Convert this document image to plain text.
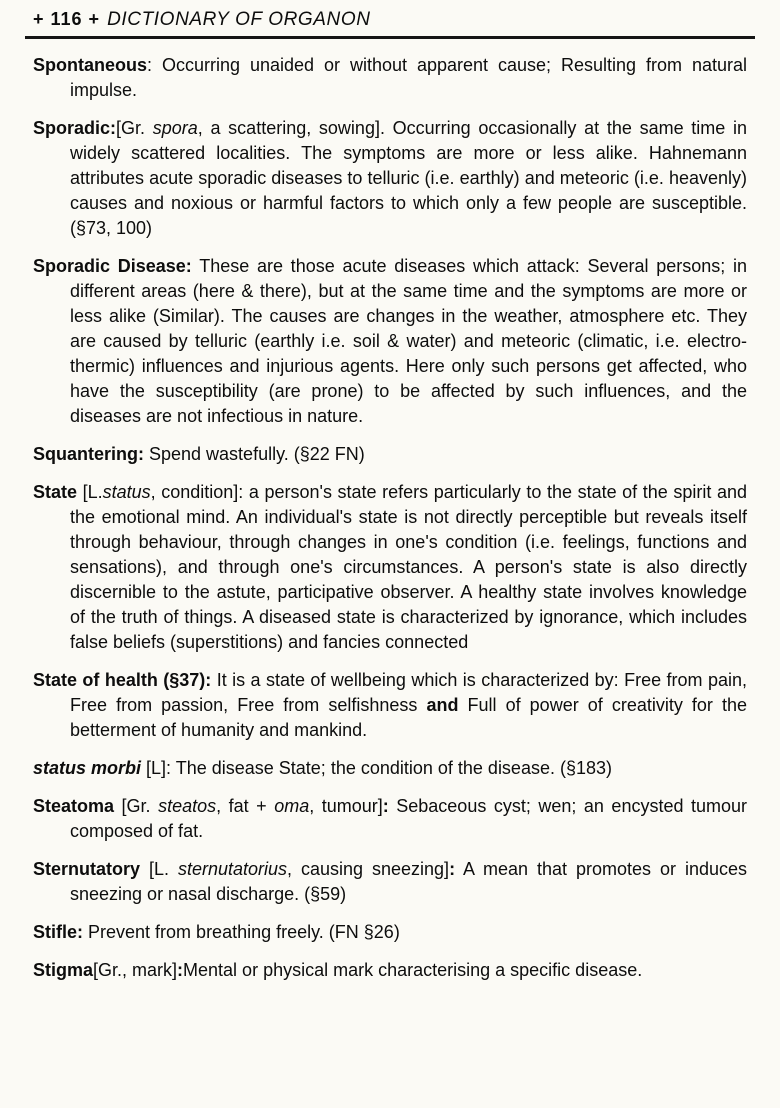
+ 116 + DICTIONARY OF ORGANON

Spontaneous: Occurring unaided or without apparent cause; Resulting from natural impulse.

Sporadic:[Gr. spora, a scattering, sowing]. Occurring occasionally at the same time in widely scattered localities. The symptoms are more or less alike. Hahnemann attributes acute sporadic diseases to telluric (i.e. earthly) and meteoric (i.e. heavenly) causes and noxious or harmful factors to which only a few people are susceptible. (§73, 100)

Sporadic Disease: These are those acute diseases which attack: Several persons; in different areas (here & there), but at the same time and the symptoms are more or less alike (Similar). The causes are changes in the weather, atmosphere etc. They are caused by telluric (earthly i.e. soil & water) and meteoric (climatic, i.e. electro-thermic) influences and injurious agents. Here only such persons get affected, who have the susceptibility (are prone) to be affected by such influences, and the diseases are not infectious in nature.

Squantering: Spend wastefully. (§22 FN)

State [L.status, condition]: a person's state refers particularly to the state of the spirit and the emotional mind. An individual's state is not directly perceptible but reveals itself through behaviour, through changes in one's condition (i.e. feelings, functions and sensations), and through one's circumstances. A person's state is also directly discernible to the astute, participative observer. A healthy state involves knowledge of the truth of things. A diseased state is characterized by ignorance, which includes false beliefs (superstitions) and fancies connected

State of health (§37): It is a state of wellbeing which is characterized by: Free from pain, Free from passion, Free from selfishness and Full of power of creativity for the betterment of humanity and mankind.

status morbi [L]: The disease State; the condition of the disease. (§183)

Steatoma [Gr. steatos, fat + oma, tumour]: Sebaceous cyst; wen; an encysted tumour composed of fat.

Sternutatory [L. sternutatorius, causing sneezing]: A mean that promotes or induces sneezing or nasal discharge. (§59)

Stifle: Prevent from breathing freely. (FN §26)

Stigma[Gr., mark]:Mental or physical mark characterising a specific disease.
